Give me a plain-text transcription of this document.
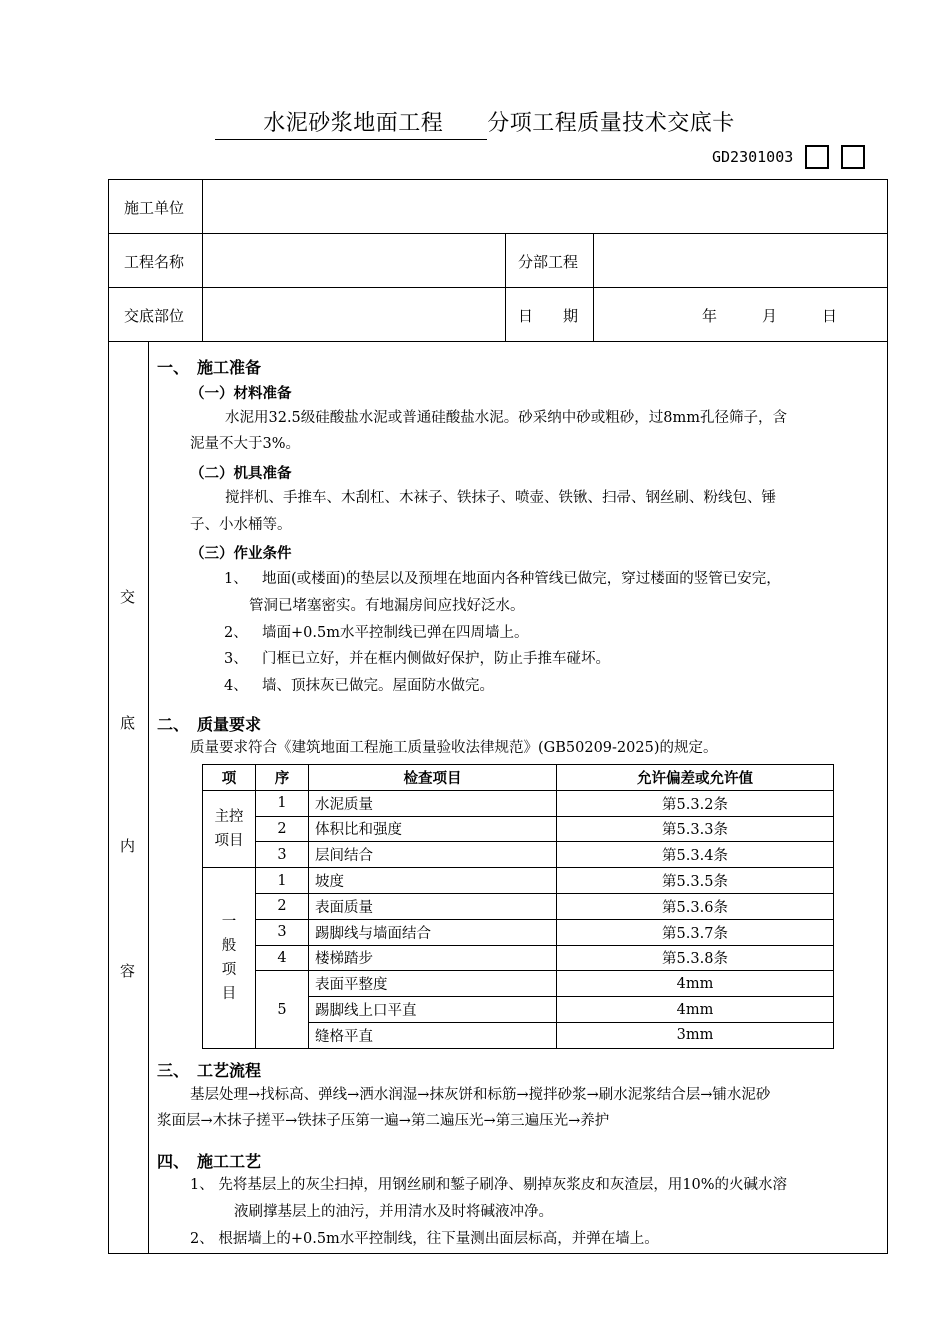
水泥砂浆地面工程 分项工程质量技术交底卡
GD2301003
施工单位
工程名称	分部工程
交底部位	日　　期	年　　　月　　　日
交
底
内
容
一、　施工准备
（一）材料准备
水泥用32.5级硅酸盐水泥或普通硅酸盐水泥。砂采纳中砂或粗砂，过8mm孔径筛子，含
泥量不大于3%。
（二）机具准备
搅拌机、手推车、木刮杠、木袜子、铁抹子、喷壶、铁锹、扫帚、钢丝刷、粉线包、锤
子、小水桶等。
（三）作业条件
1、 地面(或楼面)的垫层以及预埋在地面内各种管线已做完，穿过楼面的竖管已安完，
管洞已堵塞密实。有地漏房间应找好泛水。
2、 墙面+0.5m水平控制线已弹在四周墙上。
3、 门框已立好，并在框内侧做好保护，防止手推车碰坏。
4、 墙、顶抹灰已做完。屋面防水做完。
二、　质量要求
质量要求符合《建筑地面工程施工质量验收法律规范》(GB50209-2025)的规定。
项	序	检查项目	允许偏差或允许值
主控项目	1	水泥质量	第5.3.2条
	2	体积比和强度	第5.3.3条
	3	层间结合	第5.3.4条
一般项目	1	坡度	第5.3.5条
	2	表面质量	第5.3.6条
	3	踢脚线与墙面结合	第5.3.7条
	4	楼梯踏步	第5.3.8条
	5	表面平整度	4mm
		踢脚线上口平直	4mm
		缝格平直	3mm
三、　工艺流程
基层处理→找标高、弹线→洒水润湿→抹灰饼和标筋→搅拌砂浆→刷水泥浆结合层→铺水泥砂
浆面层→木抹子搓平→铁抹子压第一遍→第二遍压光→第三遍压光→养护
四、　施工工艺
1、 先将基层上的灰尘扫掉，用钢丝刷和錾子刷净、剔掉灰浆皮和灰渣层，用10%的火碱水溶
液刷撑基层上的油污，并用清水及时将碱液冲净。
2、 根据墙上的+0.5m水平控制线，往下量测出面层标高，并弹在墙上。
